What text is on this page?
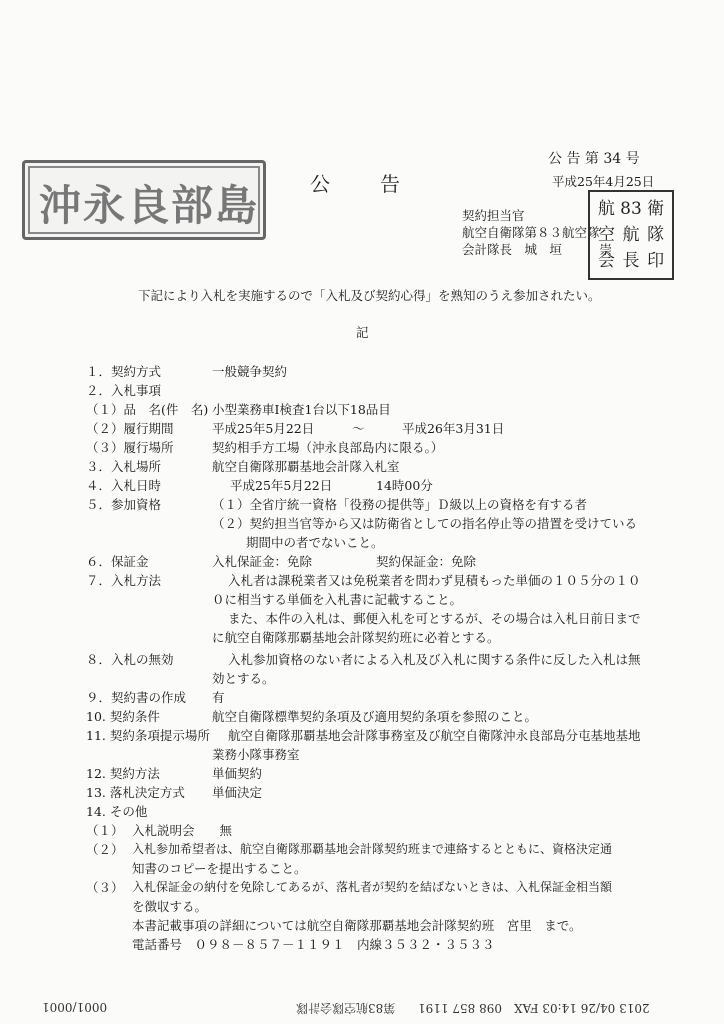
公 告 第 34 号
平成25年4月25日
沖永良部島	公告
契約担当官
航空自衛隊第８３航空隊
会計隊長　城　垣　　　崇
航 83 衛
空 航 隊
会 長 印
下記により入札を実施するので「入札及び契約心得」を熟知のうえ参加されたい。
記
１．契約方式	一般競争契約
２．入札事項
（１）品　名(件　名) 小型業務車Ⅰ検査1台以下18品目
（２）履行期間	平成25年5月22日	～	平成26年3月31日
（３）履行場所	契約相手方工場（沖永良部島内に限る。）
３．入札場所	航空自衛隊那覇基地会計隊入札室
４．入札日時	平成25年5月22日	14時00分
５．参加資格	（１）全省庁統一資格「役務の提供等」Ｄ級以上の資格を有する者
（２）契約担当官等から又は防衛省としての指名停止等の措置を受けている
期間中の者でないこと。
６．保証金	入札保証金：免除	契約保証金：免除
７．入札方法	入札者は課税業者又は免税業者を問わず見積もった単価の１０５分の１０
０に相当する単価を入札書に記載すること。
また、本件の入札は、郵便入札を可とするが、その場合は入札日前日まで
に航空自衛隊那覇基地会計隊契約班に必着とする。
８．入札の無効	入札参加資格のない者による入札及び入札に関する条件に反した入札は無
効とする。
９．契約書の作成 有
10. 契約条件	航空自衛隊標準契約条項及び適用契約条項を参照のこと。
11. 契約条項提示場所 航空自衛隊那覇基地会計隊事務室及び航空自衛隊沖永良部島分屯基地基地
業務小隊事務室
12. 契約方法	単価契約
13. 落札決定方式 単価決定
14. その他
（１） 入札説明会　　無
（２） 入札参加希望者は、航空自衛隊那覇基地会計隊契約班まで連絡するとともに、資格決定通
知書のコピーを提出すること。
（３） 入札保証金の納付を免除してあるが、落札者が契約を結ばないときは、入札保証金相当額
を徴収する。
本書記載事項の詳細については航空自衛隊那覇基地会計隊契約班　宮里　まで。
電話番号　０９８－８５７－１１９１　内線３５３２・３５３３
2013 04/26 14:03 FAX　098 857 1191
第83航空隊会計隊
0001/0001
